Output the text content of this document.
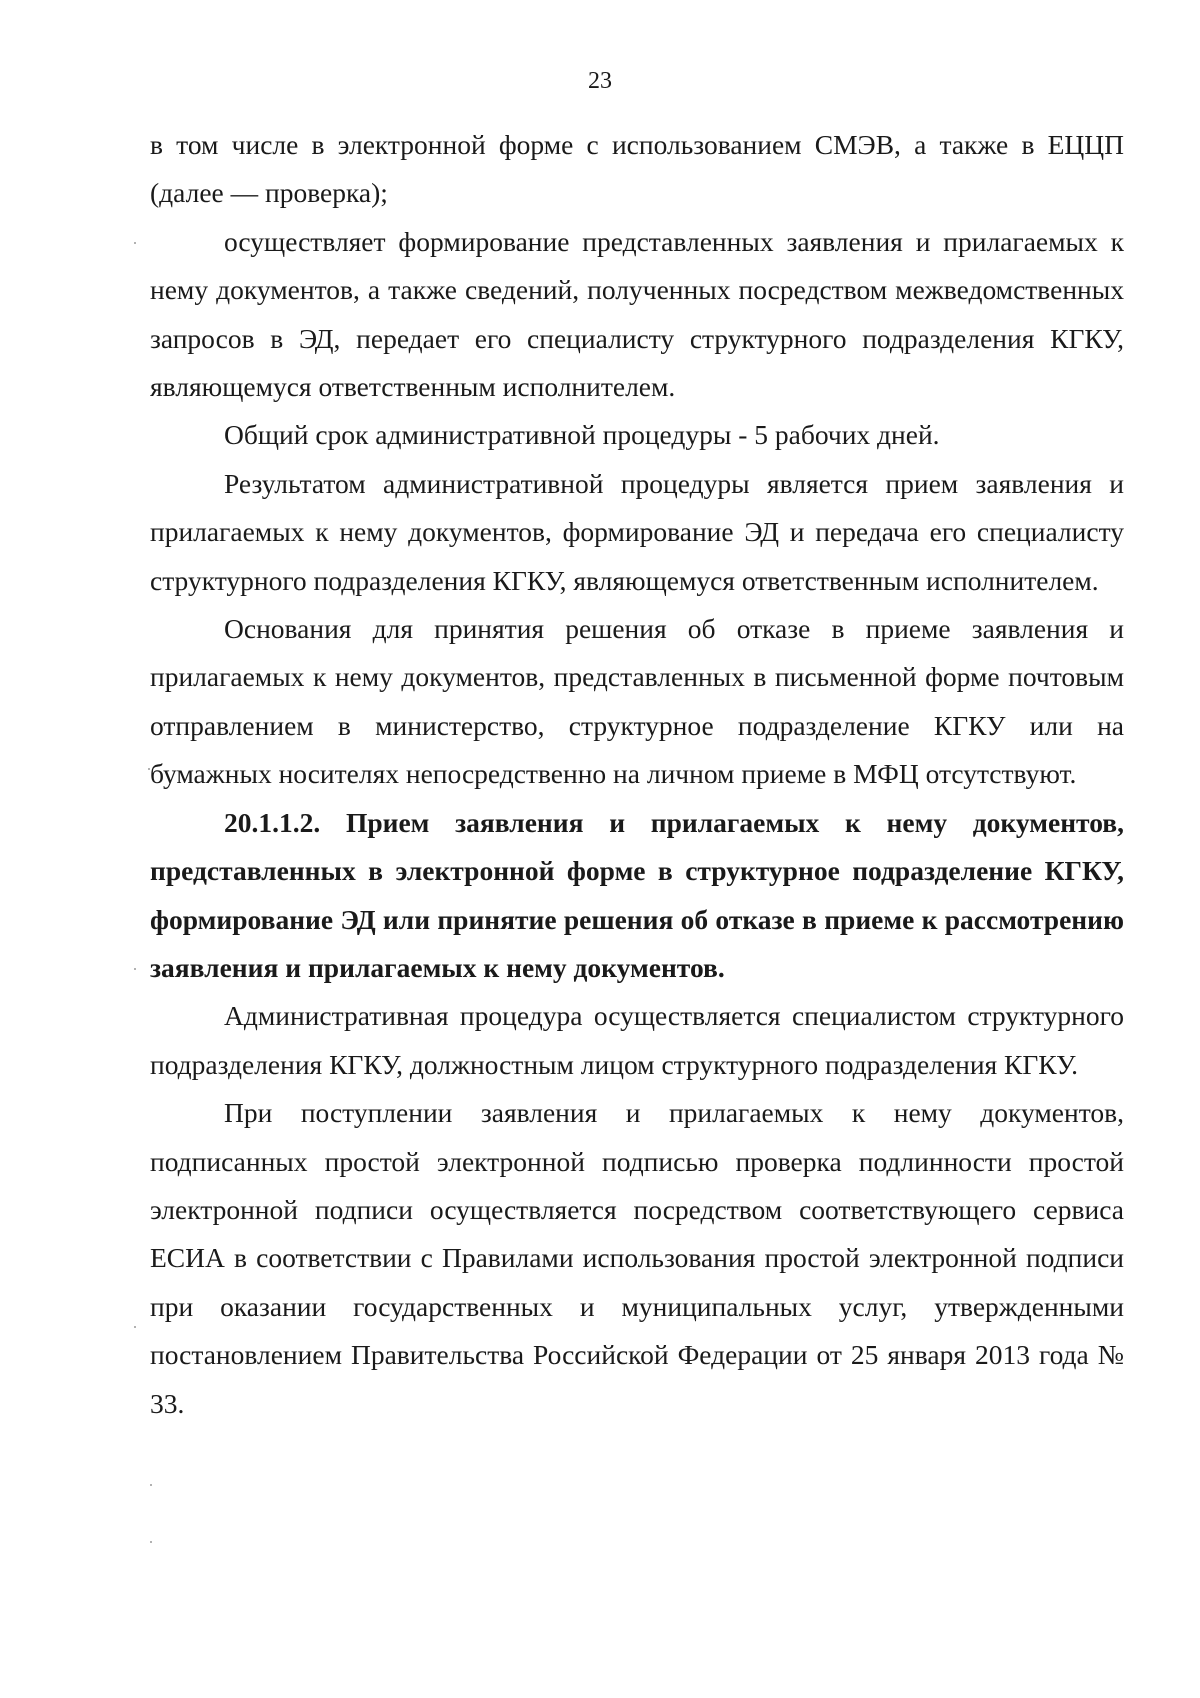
23

в том числе в электронной форме с использованием СМЭВ, а также в ЕЦЦП (далее — проверка);

осуществляет формирование представленных заявления и прилагаемых к нему документов, а также сведений, полученных посредством межведомственных запросов в ЭД, передает его специалисту структурного подразделения КГКУ, являющемуся ответственным исполнителем.

Общий срок административной процедуры - 5 рабочих дней.

Результатом административной процедуры является прием заявления и прилагаемых к нему документов, формирование ЭД и передача его специалисту структурного подразделения КГКУ, являющемуся ответственным исполнителем.

Основания для принятия решения об отказе в приеме заявления и прилагаемых к нему документов, представленных в письменной форме почтовым отправлением в министерство, структурное подразделение КГКУ или на бумажных носителях непосредственно на личном приеме в МФЦ отсутствуют.

20.1.1.2. Прием заявления и прилагаемых к нему документов, представленных в электронной форме в структурное подразделение КГКУ, формирование ЭД или принятие решения об отказе в приеме к рассмотрению заявления и прилагаемых к нему документов.

Административная процедура осуществляется специалистом структурного подразделения КГКУ, должностным лицом структурного подразделения КГКУ.

При поступлении заявления и прилагаемых к нему документов, подписанных простой электронной подписью проверка подлинности простой электронной подписи осуществляется посредством соответствующего сервиса ЕСИА в соответствии с Правилами использования простой электронной подписи при оказании государственных и муниципальных услуг, утвержденными постановлением Правительства Российской Федерации от 25 января 2013 года № 33.
